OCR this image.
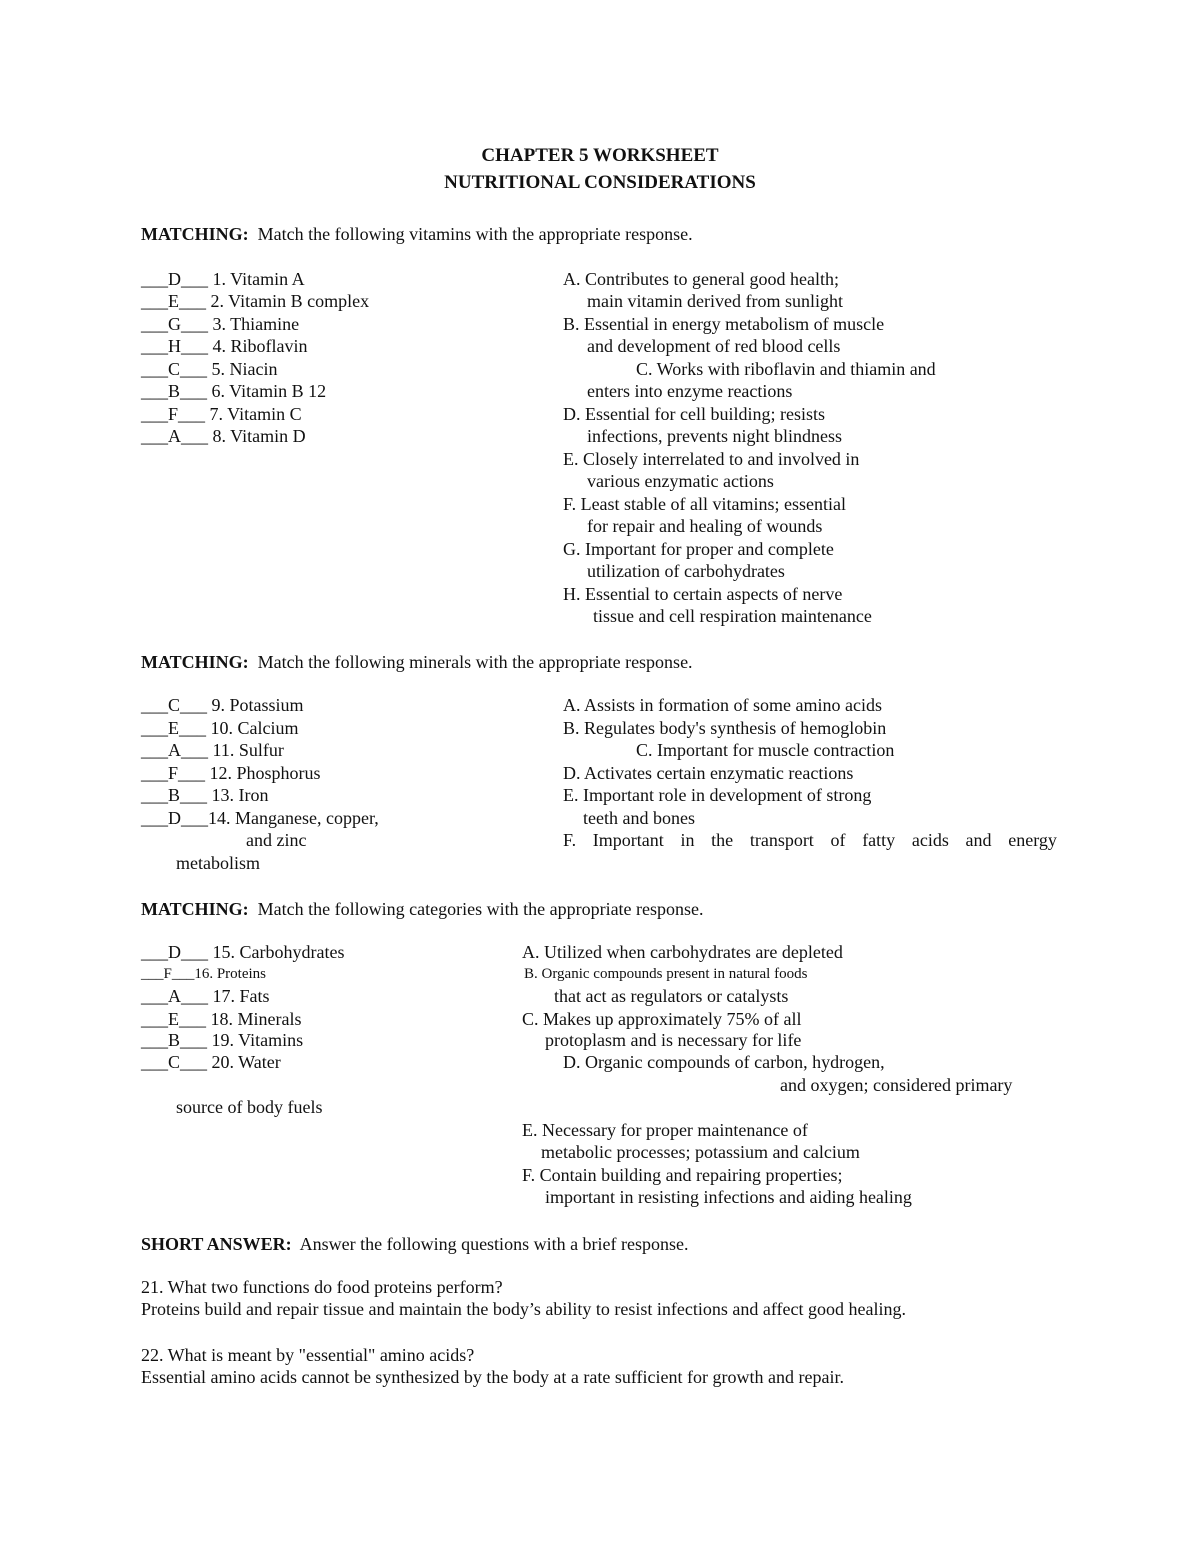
CHAPTER 5 WORKSHEET
NUTRITIONAL CONSIDERATIONS
MATCHING: Match the following vitamins with the appropriate response.
___D___ 1. Vitamin A
___E___ 2. Vitamin B complex
___G___ 3. Thiamine
___H___ 4. Riboflavin
___C___ 5. Niacin
___B___ 6. Vitamin B 12
___F___ 7. Vitamin C
___A___ 8. Vitamin D
A. Contributes to general good health;
main vitamin derived from sunlight
B. Essential in energy metabolism of muscle
and development of red blood cells
C. Works with riboflavin and thiamin and
enters into enzyme reactions
D. Essential for cell building; resists
infections, prevents night blindness
E. Closely interrelated to and involved in
various enzymatic actions
F. Least stable of all vitamins; essential
for repair and healing of wounds
G. Important for proper and complete
utilization of carbohydrates
H. Essential to certain aspects of nerve
tissue and cell respiration maintenance
MATCHING: Match the following minerals with the appropriate response.
___C___ 9. Potassium
___E___ 10. Calcium
___A___ 11. Sulfur
___F___ 12. Phosphorus
___B___ 13. Iron
___D___14. Manganese, copper,
and zinc
A. Assists in formation of some amino acids
B. Regulates body's synthesis of hemoglobin
C. Important for muscle contraction
D. Activates certain enzymatic reactions
E. Important role in development of strong
teeth and bones
F. Important in the transport of fatty acids and energy
metabolism
MATCHING: Match the following categories with the appropriate response.
___D___ 15. Carbohydrates
___F___16. Proteins
___A___ 17. Fats
___E___ 18. Minerals
___B___ 19. Vitamins
___C___ 20. Water
A. Utilized when carbohydrates are depleted
B. Organic compounds present in natural foods
that act as regulators or catalysts
C. Makes up approximately 75% of all
protoplasm and is necessary for life
D. Organic compounds of carbon, hydrogen,
and oxygen; considered primary
source of body fuels
E. Necessary for proper maintenance of
metabolic processes; potassium and calcium
F. Contain building and repairing properties;
important in resisting infections and aiding healing
SHORT ANSWER: Answer the following questions with a brief response.
21. What two functions do food proteins perform?
Proteins build and repair tissue and maintain the body’s ability to resist infections and affect good healing.
22. What is meant by "essential" amino acids?
Essential amino acids cannot be synthesized by the body at a rate sufficient for growth and repair.
